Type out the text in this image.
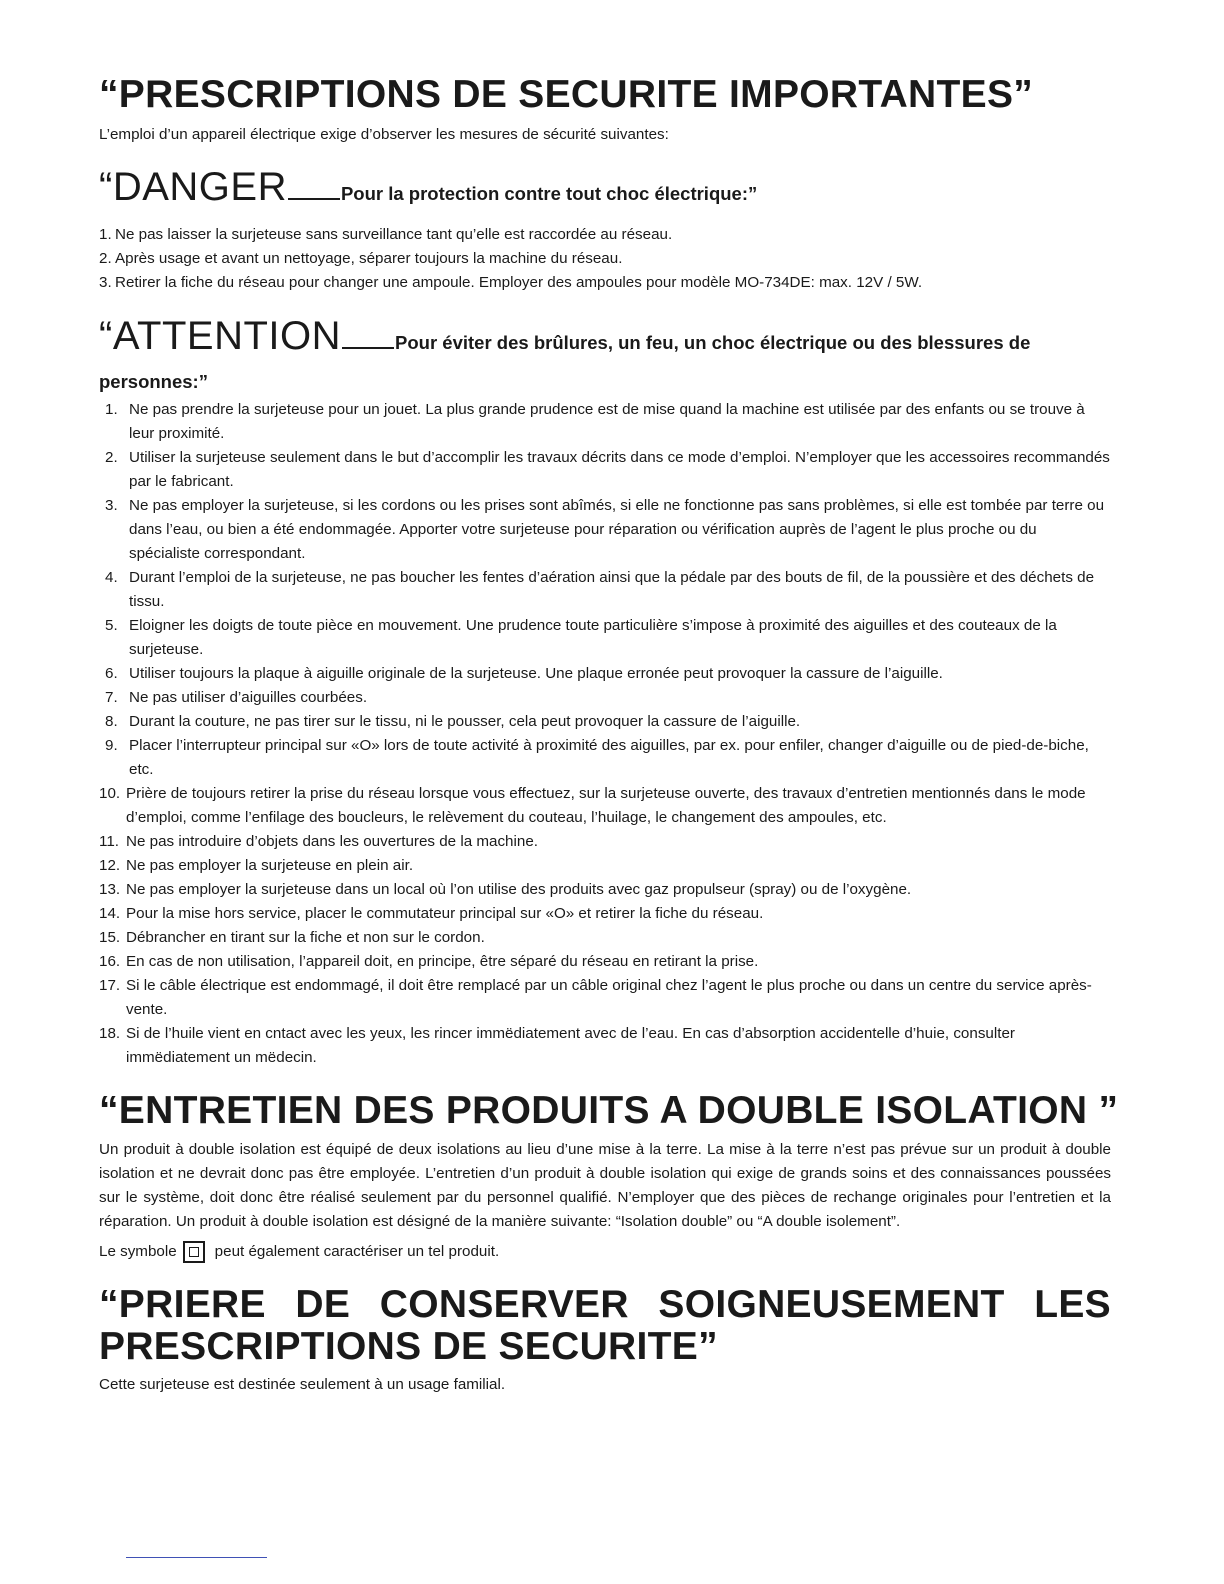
“PRESCRIPTIONS DE SECURITE IMPORTANTES”

L’emploi d’un appareil électrique exige d’observer les mesures de sécurité suivantes:

“DANGER	Pour la protection contre tout choc électrique:”
1. Ne pas laisser la surjeteuse sans surveillance tant qu’elle est raccordée au réseau.
2. Après usage et avant un nettoyage, séparer toujours la machine du réseau.
3. Retirer la fiche du réseau pour changer une ampoule. Employer des ampoules pour modèle MO-734DE: max. 12V / 5W.
“ATTENTION	Pour éviter des brûlures, un feu, un choc électrique ou des blessures de

personnes:”

1. Ne pas prendre la surjeteuse pour un jouet. La plus grande prudence est de mise quand la machine est utilisée par des enfants ou se trouve à leur proximité.
2. Utiliser la surjeteuse seulement dans le but d’accomplir les travaux décrits dans ce mode d’emploi. N’employer que les accessoires recommandés par le fabricant.
3. Ne pas employer la surjeteuse, si les cordons ou les prises sont abîmés, si elle ne fonctionne pas sans problèmes, si elle est tombée par terre ou dans l’eau, ou bien a été endommagée. Apporter votre surjeteuse pour réparation ou vérification auprès de l’agent le plus proche ou du spécialiste correspondant.
4. Durant l’emploi de la surjeteuse, ne pas boucher les fentes d’aération ainsi que la pédale par des bouts de fil, de la poussière et des déchets de tissu.
5. Eloigner les doigts de toute pièce en mouvement. Une prudence toute particulière s’impose à proximité des aiguilles et des couteaux de la surjeteuse.
6. Utiliser toujours la plaque à aiguille originale de la surjeteuse. Une plaque erronée peut provoquer la cassure de l’aiguille.
7. Ne pas utiliser d’aiguilles courbées.
8. Durant la couture, ne pas tirer sur le tissu, ni le pousser, cela peut provoquer la cassure de l’aiguille.
9. Placer l’interrupteur principal sur «O» lors de toute activité à proximité des aiguilles, par ex. pour enfiler, changer d’aiguille ou de pied-de-biche, etc.
10. Prière de toujours retirer la prise du réseau lorsque vous effectuez, sur la surjeteuse ouverte, des travaux d’entretien mentionnés dans le mode d’emploi, comme l’enfilage des boucleurs, le relèvement du couteau, l’huilage, le changement des ampoules, etc.
11. Ne pas introduire d’objets dans les ouvertures de la machine.
12. Ne pas employer la surjeteuse en plein air.
13. Ne pas employer la surjeteuse dans un local où l’on utilise des produits avec gaz propulseur (spray) ou de l’oxygène.
14. Pour la mise hors service, placer le commutateur principal sur «O» et retirer la fiche du réseau.
15. Débrancher en tirant sur la fiche et non sur le cordon.
16. En cas de non utilisation, l’appareil doit, en principe, être séparé du réseau en retirant la prise.
17. Si le câble électrique est endommagé, il doit être remplacé par un câble original chez l’agent le plus proche ou dans un centre du service après-vente.
18. Si de l’huile vient en cntact avec les yeux, les rincer immëdiatement avec de l’eau. En cas d’absorption accidentelle d’huie, consulter immëdiatement un mëdecin.
“ENTRETIEN DES PRODUITS A DOUBLE ISOLATION ”

Un produit à double isolation est équipé de deux isolations au lieu d’une mise à la terre. La mise à la terre n’est pas prévue sur un produit à double isolation et ne devrait donc pas être employée. L’entretien d’un produit à double isolation qui exige de grands soins et des connaissances poussées sur le système, doit donc être réalisé seulement par du personnel qualifié. N’employer que des pièces de rechange originales pour l’entretien et la réparation. Un produit à double isolation est désigné de la manière suivante: “Isolation double” ou “A double isolement”.

Le symbole	peut également caractériser un tel produit.
“PRIERE DE CONSERVER SOIGNEUSEMENT LES
PRESCRIPTIONS DE SECURITE”

Cette surjeteuse est destinée seulement à un usage familial.
